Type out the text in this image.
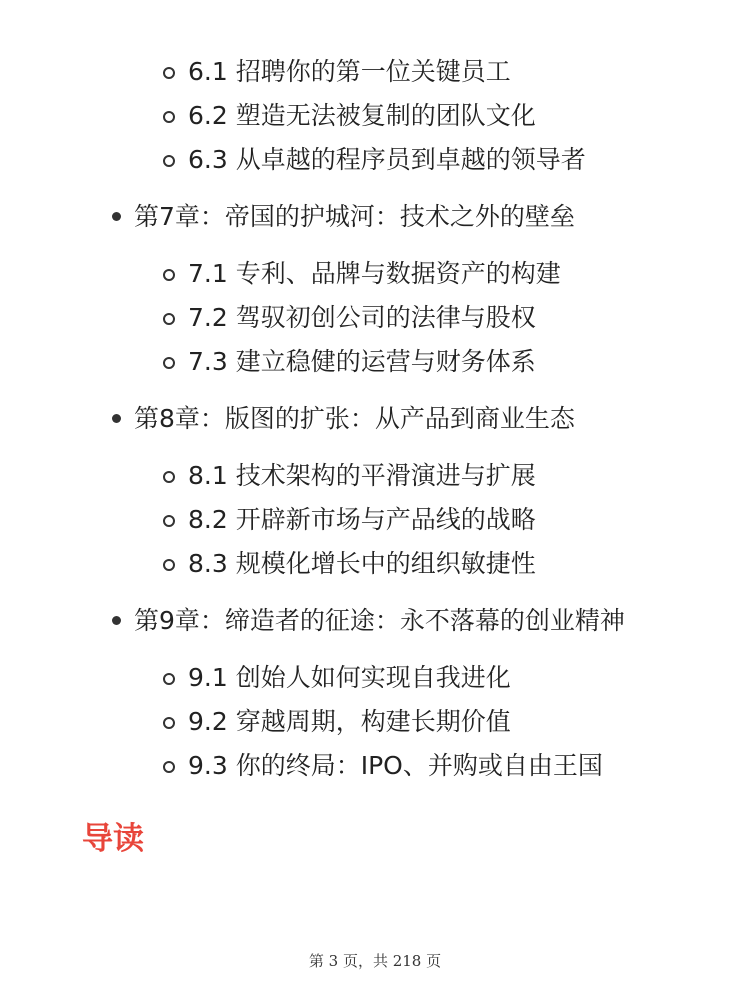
6.1 招聘你的第一位关键员工
6.2 塑造无法被复制的团队文化
6.3 从卓越的程序员到卓越的领导者
第7章：帝国的护城河：技术之外的壁垒
7.1 专利、品牌与数据资产的构建
7.2 驾驭初创公司的法律与股权
7.3 建立稳健的运营与财务体系
第8章：版图的扩张：从产品到商业生态
8.1 技术架构的平滑演进与扩展
8.2 开辟新市场与产品线的战略
8.3 规模化增长中的组织敏捷性
第9章：缔造者的征途：永不落幕的创业精神
9.1 创始人如何实现自我进化
9.2 穿越周期，构建长期价值
9.3 你的终局：IPO、并购或自由王国
导读
第 3 页，共 218 页
